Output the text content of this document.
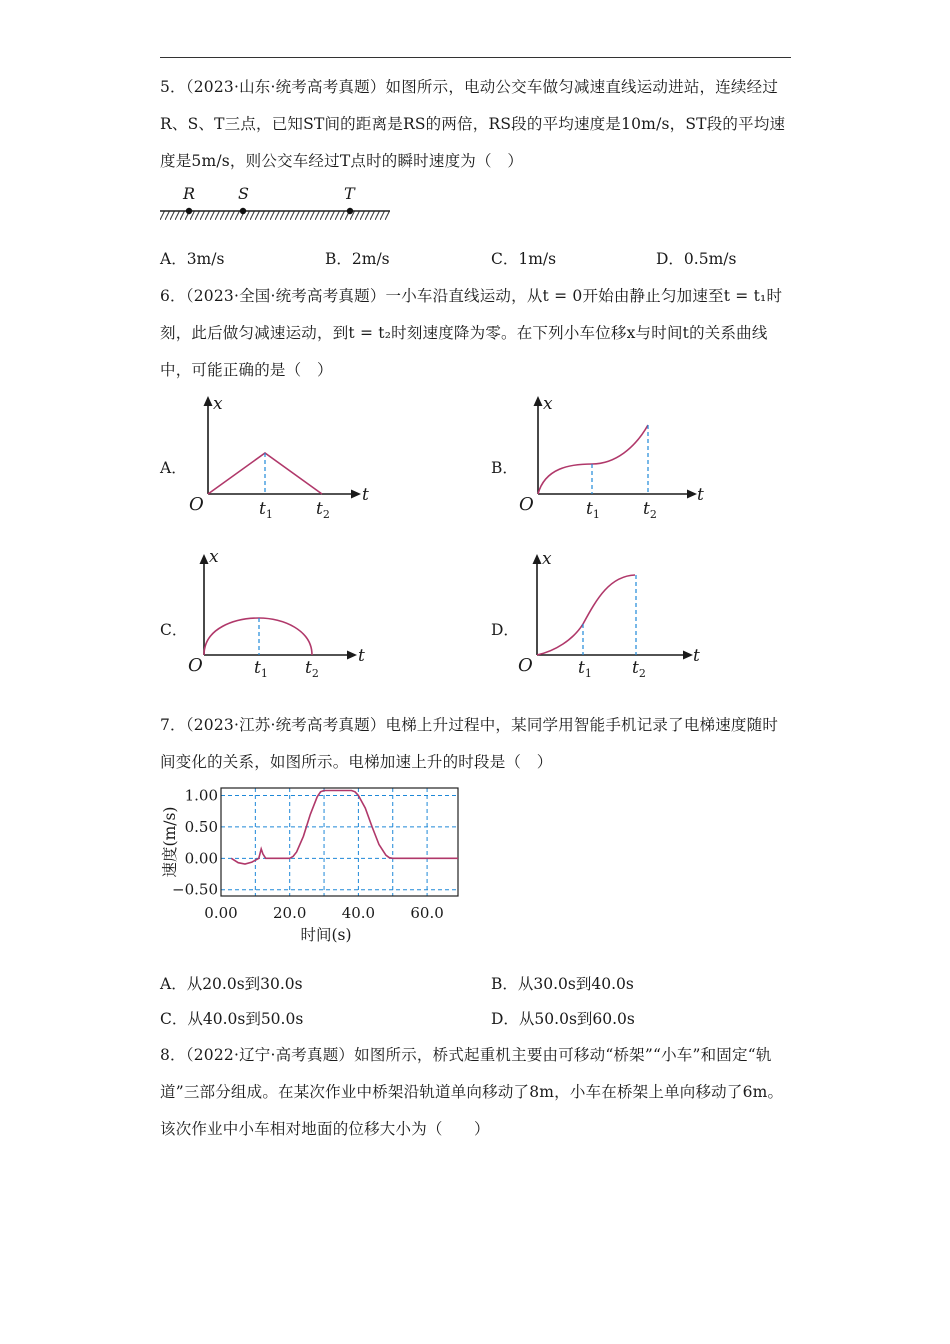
5．（2023·山东·统考高考真题）如图所示，电动公交车做匀减速直线运动进站，连续经过R、S、T三点，已知ST间的距离是RS的两倍，RS段的平均速度是10m/s，ST段的平均速度是5m/s，则公交车经过T点时的瞬时速度为（　）
R	S	T
A．3m/s	B．2m/s	C．1m/s	D．0.5m/s
6．（2023·全国·统考高考真题）一小车沿直线运动，从t = 0开始由静止匀加速至t = t₁时刻，此后做匀减速运动，到t = t₂时刻速度降为零。在下列小车位移x与时间t的关系曲线中，可能正确的是（　）
A．
x
t
O	$t_1$	$t_2$
B．
x
t
O	$t_1$	$t_2$
C．
x
t
O	$t_1$ $t_2$
D．
x
t
O	$t_1$ $t_2$
7．（2023·江苏·统考高考真题）电梯上升过程中，某同学用智能手机记录了电梯速度随时间变化的关系，如图所示。电梯加速上升的时段是（　）
1.00
0.50
0.00
−0.50
0.00 20.0 40.0 60.0
时间(s)
速度(m/s)
A．从20.0s到30.0s	B．从30.0s到40.0s
C．从40.0s到50.0s	D．从50.0s到60.0s
8．（2022·辽宁·高考真题）如图所示，桥式起重机主要由可移动“桥架”“小车”和固定“轨道”三部分组成。在某次作业中桥架沿轨道单向移动了8m，小车在桥架上单向移动了6m。该次作业中小车相对地面的位移大小为（　　）
